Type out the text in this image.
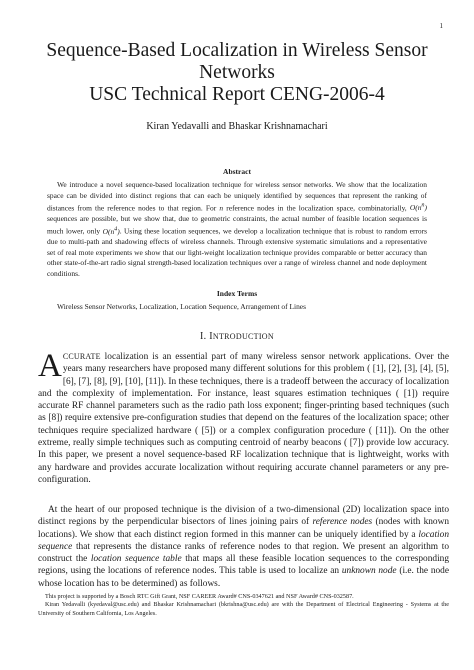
1
Sequence-Based Localization in Wireless Sensor
Networks
USC Technical Report CENG-2006-4
Kiran Yedavalli and Bhaskar Krishnamachari
Abstract

We introduce a novel sequence-based localization technique for wireless sensor networks. We show that the localization space can be divided into distinct regions that can each be uniquely identified by sequences that represent the ranking of distances from the reference nodes to that region. For n reference nodes in the localization space, combinatorially, $O(n^n)$ sequences are possible, but we show that, due to geometric constraints, the actual number of feasible location sequences is much lower, only $O(n^4)$. Using these location sequences, we develop a localization technique that is robust to random errors due to multi-path and shadowing effects of wireless channels. Through extensive systematic simulations and a representative set of real mote experiments we show that our light-weight localization technique provides comparable or better accuracy than other state-of-the-art radio signal strength-based localization techniques over a range of wireless channel and node deployment conditions.

Index Terms

Wireless Sensor Networks, Localization, Location Sequence, Arrangement of Lines

I. INTRODUCTION

ACCURATE localization is an essential part of many wireless sensor network applications. Over the years many researchers have proposed many different solutions for this problem ( [1], [2], [3], [4], [5], [6], [7], [8], [9], [10], [11]). In these techniques, there is a tradeoff between the accuracy of localization and the complexity of implementation. For instance, least squares estimation techniques ( [1]) require accurate RF channel parameters such as the radio path loss exponent; finger-printing based techniques (such as [8]) require extensive pre-configuration studies that depend on the features of the localization space; other techniques require specialized hardware ( [5]) or a complex configuration procedure ( [11]). On the other extreme, really simple techniques such as computing centroid of nearby beacons ( [7]) provide low accuracy. In this paper, we present a novel sequence-based RF localization technique that is lightweight, works with any hardware and provides accurate localization without requiring accurate channel parameters or any pre-configuration.

At the heart of our proposed technique is the division of a two-dimensional (2D) localization space into distinct regions by the perpendicular bisectors of lines joining pairs of reference nodes (nodes with known locations). We show that each distinct region formed in this manner can be uniquely identified by a location sequence that represents the distance ranks of reference nodes to that region. We present an algorithm to construct the location sequence table that maps all these feasible location sequences to the corresponding regions, using the locations of reference nodes. This table is used to localize an unknown node (i.e. the node whose location has to be determined) as follows.

This project is supported by a Bosch RTC Gift Grant, NSF CAREER Award# CNS-0347621 and NSF Award# CNS-032587.

Kiran Yedavalli (kyedaval@usc.edu) and Bhaskar Krishnamachari (bkrishna@usc.edu) are with the Department of Electrical Engineering - Systems at the University of Southern California, Los Angeles.
